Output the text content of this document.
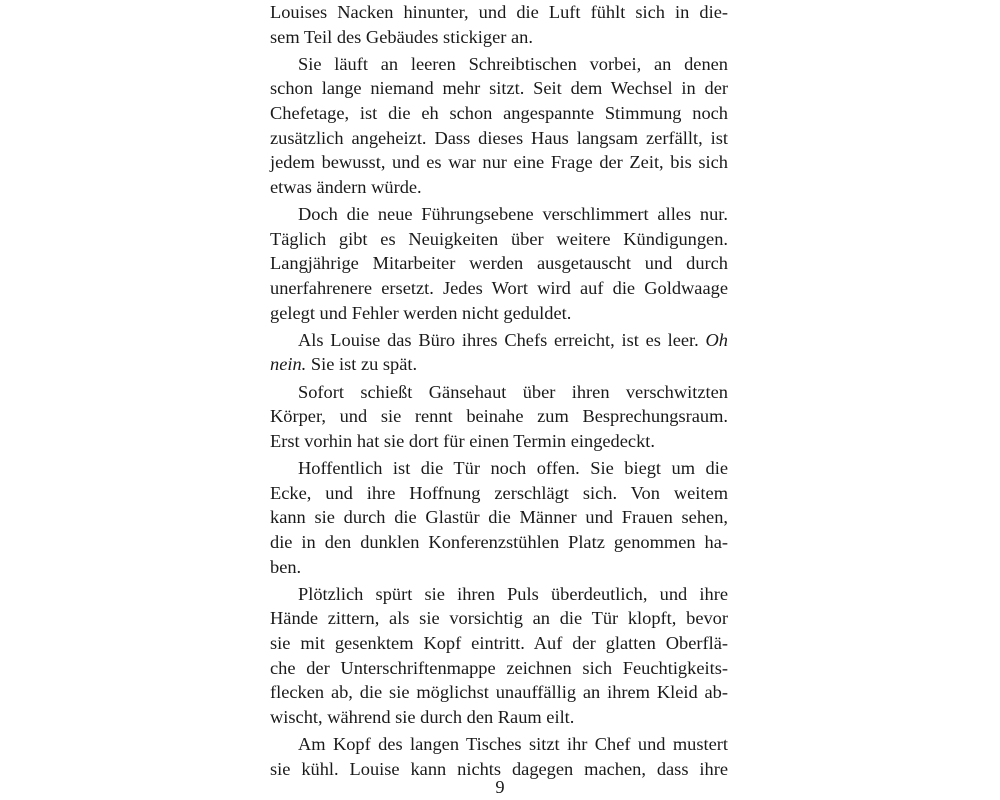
Louises Nacken hinunter, und die Luft fühlt sich in die-
sem Teil des Gebäudes stickiger an.
Sie läuft an leeren Schreibtischen vorbei, an denen
schon lange niemand mehr sitzt. Seit dem Wechsel in der
Chefetage, ist die eh schon angespannte Stimmung noch
zusätzlich angeheizt. Dass dieses Haus langsam zerfällt, ist
jedem bewusst, und es war nur eine Frage der Zeit, bis sich
etwas ändern würde.
Doch die neue Führungsebene verschlimmert alles nur.
Täglich gibt es Neuigkeiten über weitere Kündigungen.
Langjährige Mitarbeiter werden ausgetauscht und durch
unerfahrenere ersetzt. Jedes Wort wird auf die Goldwaage
gelegt und Fehler werden nicht geduldet.
Als Louise das Büro ihres Chefs erreicht, ist es leer. Oh
nein. Sie ist zu spät.
Sofort schießt Gänsehaut über ihren verschwitzten
Körper, und sie rennt beinahe zum Besprechungsraum.
Erst vorhin hat sie dort für einen Termin eingedeckt.
Hoffentlich ist die Tür noch offen. Sie biegt um die
Ecke, und ihre Hoffnung zerschlägt sich. Von weitem
kann sie durch die Glastür die Männer und Frauen sehen,
die in den dunklen Konferenzstühlen Platz genommen ha-
ben.
Plötzlich spürt sie ihren Puls überdeutlich, und ihre
Hände zittern, als sie vorsichtig an die Tür klopft, bevor
sie mit gesenktem Kopf eintritt. Auf der glatten Oberflä-
che der Unterschriftenmappe zeichnen sich Feuchtigkeits-
flecken ab, die sie möglichst unauffällig an ihrem Kleid ab-
wischt, während sie durch den Raum eilt.
Am Kopf des langen Tisches sitzt ihr Chef und mustert
sie kühl. Louise kann nichts dagegen machen, dass ihre
9
